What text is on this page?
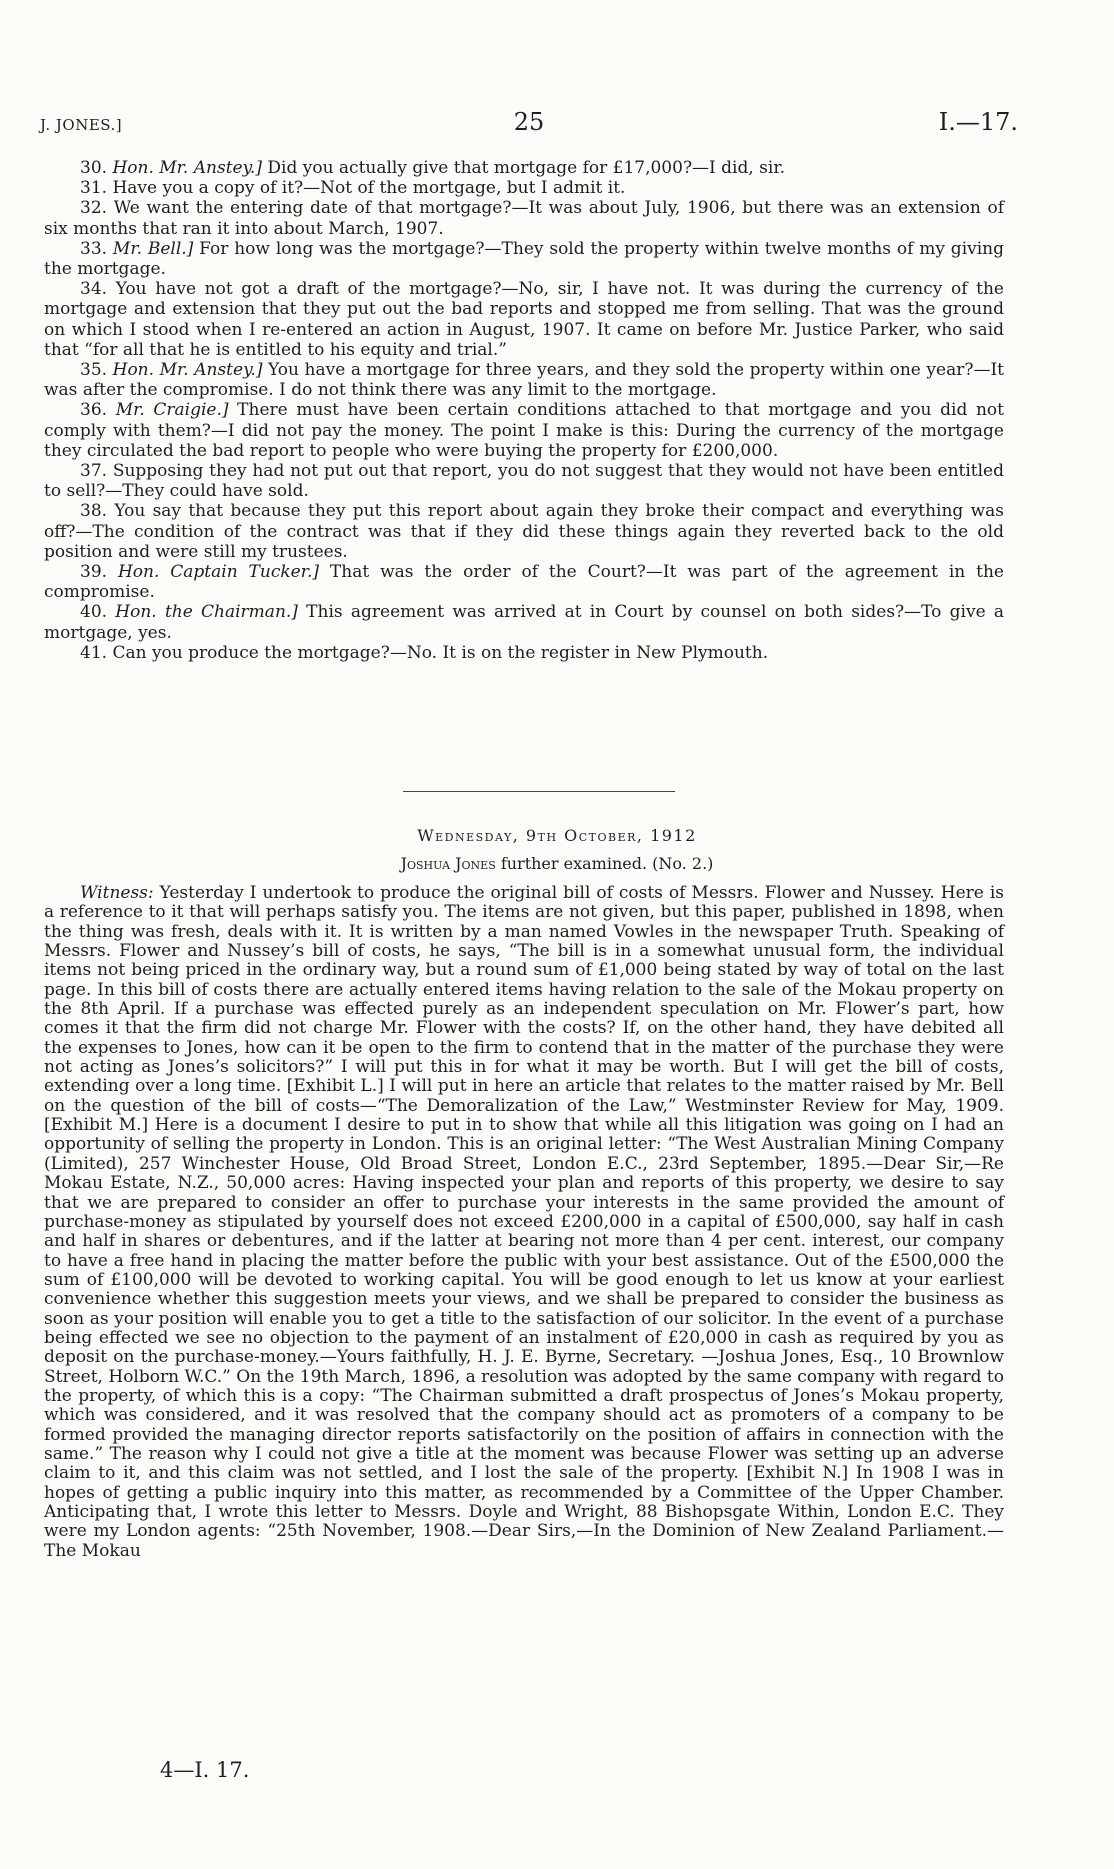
J. JONES.]	25	I.—17.

30. Hon. Mr. Anstey.] Did you actually give that mortgage for £17,000?—I did, sir.

31. Have you a copy of it?—Not of the mortgage, but I admit it.

32. We want the entering date of that mortgage?—It was about July, 1906, but there was an extension of six months that ran it into about March, 1907.

33. Mr. Bell.] For how long was the mortgage?—They sold the property within twelve months of my giving the mortgage.

34. You have not got a draft of the mortgage?—No, sir, I have not. It was during the currency of the mortgage and extension that they put out the bad reports and stopped me from selling. That was the ground on which I stood when I re-entered an action in August, 1907. It came on before Mr. Justice Parker, who said that “for all that he is entitled to his equity and trial.”

35. Hon. Mr. Anstey.] You have a mortgage for three years, and they sold the property within one year?—It was after the compromise. I do not think there was any limit to the mortgage.

36. Mr. Craigie.] There must have been certain conditions attached to that mortgage and you did not comply with them?—I did not pay the money. The point I make is this: During the currency of the mortgage they circulated the bad report to people who were buying the property for £200,000.

37. Supposing they had not put out that report, you do not suggest that they would not have been entitled to sell?—They could have sold.

38. You say that because they put this report about again they broke their compact and everything was off?—The condition of the contract was that if they did these things again they reverted back to the old position and were still my trustees.

39. Hon. Captain Tucker.] That was the order of the Court?—It was part of the agreement in the compromise.

40. Hon. the Chairman.] This agreement was arrived at in Court by counsel on both sides?—To give a mortgage, yes.

41. Can you produce the mortgage?—No. It is on the register in New Plymouth.

Wednesday, 9th October, 1912
Joshua Jones further examined. (No. 2.)

Witness: Yesterday I undertook to produce the original bill of costs of Messrs. Flower and Nussey. Here is a reference to it that will perhaps satisfy you. The items are not given, but this paper, published in 1898, when the thing was fresh, deals with it. It is written by a man named Vowles in the newspaper Truth. Speaking of Messrs. Flower and Nussey’s bill of costs, he says, “The bill is in a somewhat unusual form, the individual items not being priced in the ordinary way, but a round sum of £1,000 being stated by way of total on the last page. In this bill of costs there are actually entered items having relation to the sale of the Mokau property on the 8th April. If a purchase was effected purely as an independent speculation on Mr. Flower’s part, how comes it that the firm did not charge Mr. Flower with the costs? If, on the other hand, they have debited all the expenses to Jones, how can it be open to the firm to contend that in the matter of the purchase they were not acting as Jones’s solicitors?” I will put this in for what it may be worth. But I will get the bill of costs, extending over a long time. [Exhibit L.] I will put in here an article that relates to the matter raised by Mr. Bell on the question of the bill of costs—“The Demoralization of the Law,” Westminster Review for May, 1909. [Exhibit M.] Here is a document I desire to put in to show that while all this litigation was going on I had an opportunity of selling the property in London. This is an original letter: “The West Australian Mining Company (Limited), 257 Winchester House, Old Broad Street, London E.C., 23rd September, 1895.—Dear Sir,—Re Mokau Estate, N.Z., 50,000 acres: Having inspected your plan and reports of this property, we desire to say that we are prepared to consider an offer to purchase your interests in the same provided the amount of purchase-money as stipulated by yourself does not exceed £200,000 in a capital of £500,000, say half in cash and half in shares or debentures, and if the latter at bearing not more than 4 per cent. interest, our company to have a free hand in placing the matter before the public with your best assistance. Out of the £500,000 the sum of £100,000 will be devoted to working capital. You will be good enough to let us know at your earliest convenience whether this suggestion meets your views, and we shall be prepared to consider the business as soon as your position will enable you to get a title to the satisfaction of our solicitor. In the event of a purchase being effected we see no objection to the payment of an instalment of £20,000 in cash as required by you as deposit on the purchase-money.—Yours faithfully, H. J. E. Byrne, Secretary. —Joshua Jones, Esq., 10 Brownlow Street, Holborn W.C.” On the 19th March, 1896, a resolution was adopted by the same company with regard to the property, of which this is a copy: “The Chairman submitted a draft prospectus of Jones’s Mokau property, which was considered, and it was resolved that the company should act as promoters of a company to be formed provided the managing director reports satisfactorily on the position of affairs in connection with the same.” The reason why I could not give a title at the moment was because Flower was setting up an adverse claim to it, and this claim was not settled, and I lost the sale of the property. [Exhibit N.] In 1908 I was in hopes of getting a public inquiry into this matter, as recommended by a Committee of the Upper Chamber. Anticipating that, I wrote this letter to Messrs. Doyle and Wright, 88 Bishopsgate Within, London E.C. They were my London agents: “25th November, 1908.—Dear Sirs,—In the Dominion of New Zealand Parliament.—The Mokau

4—I. 17.
